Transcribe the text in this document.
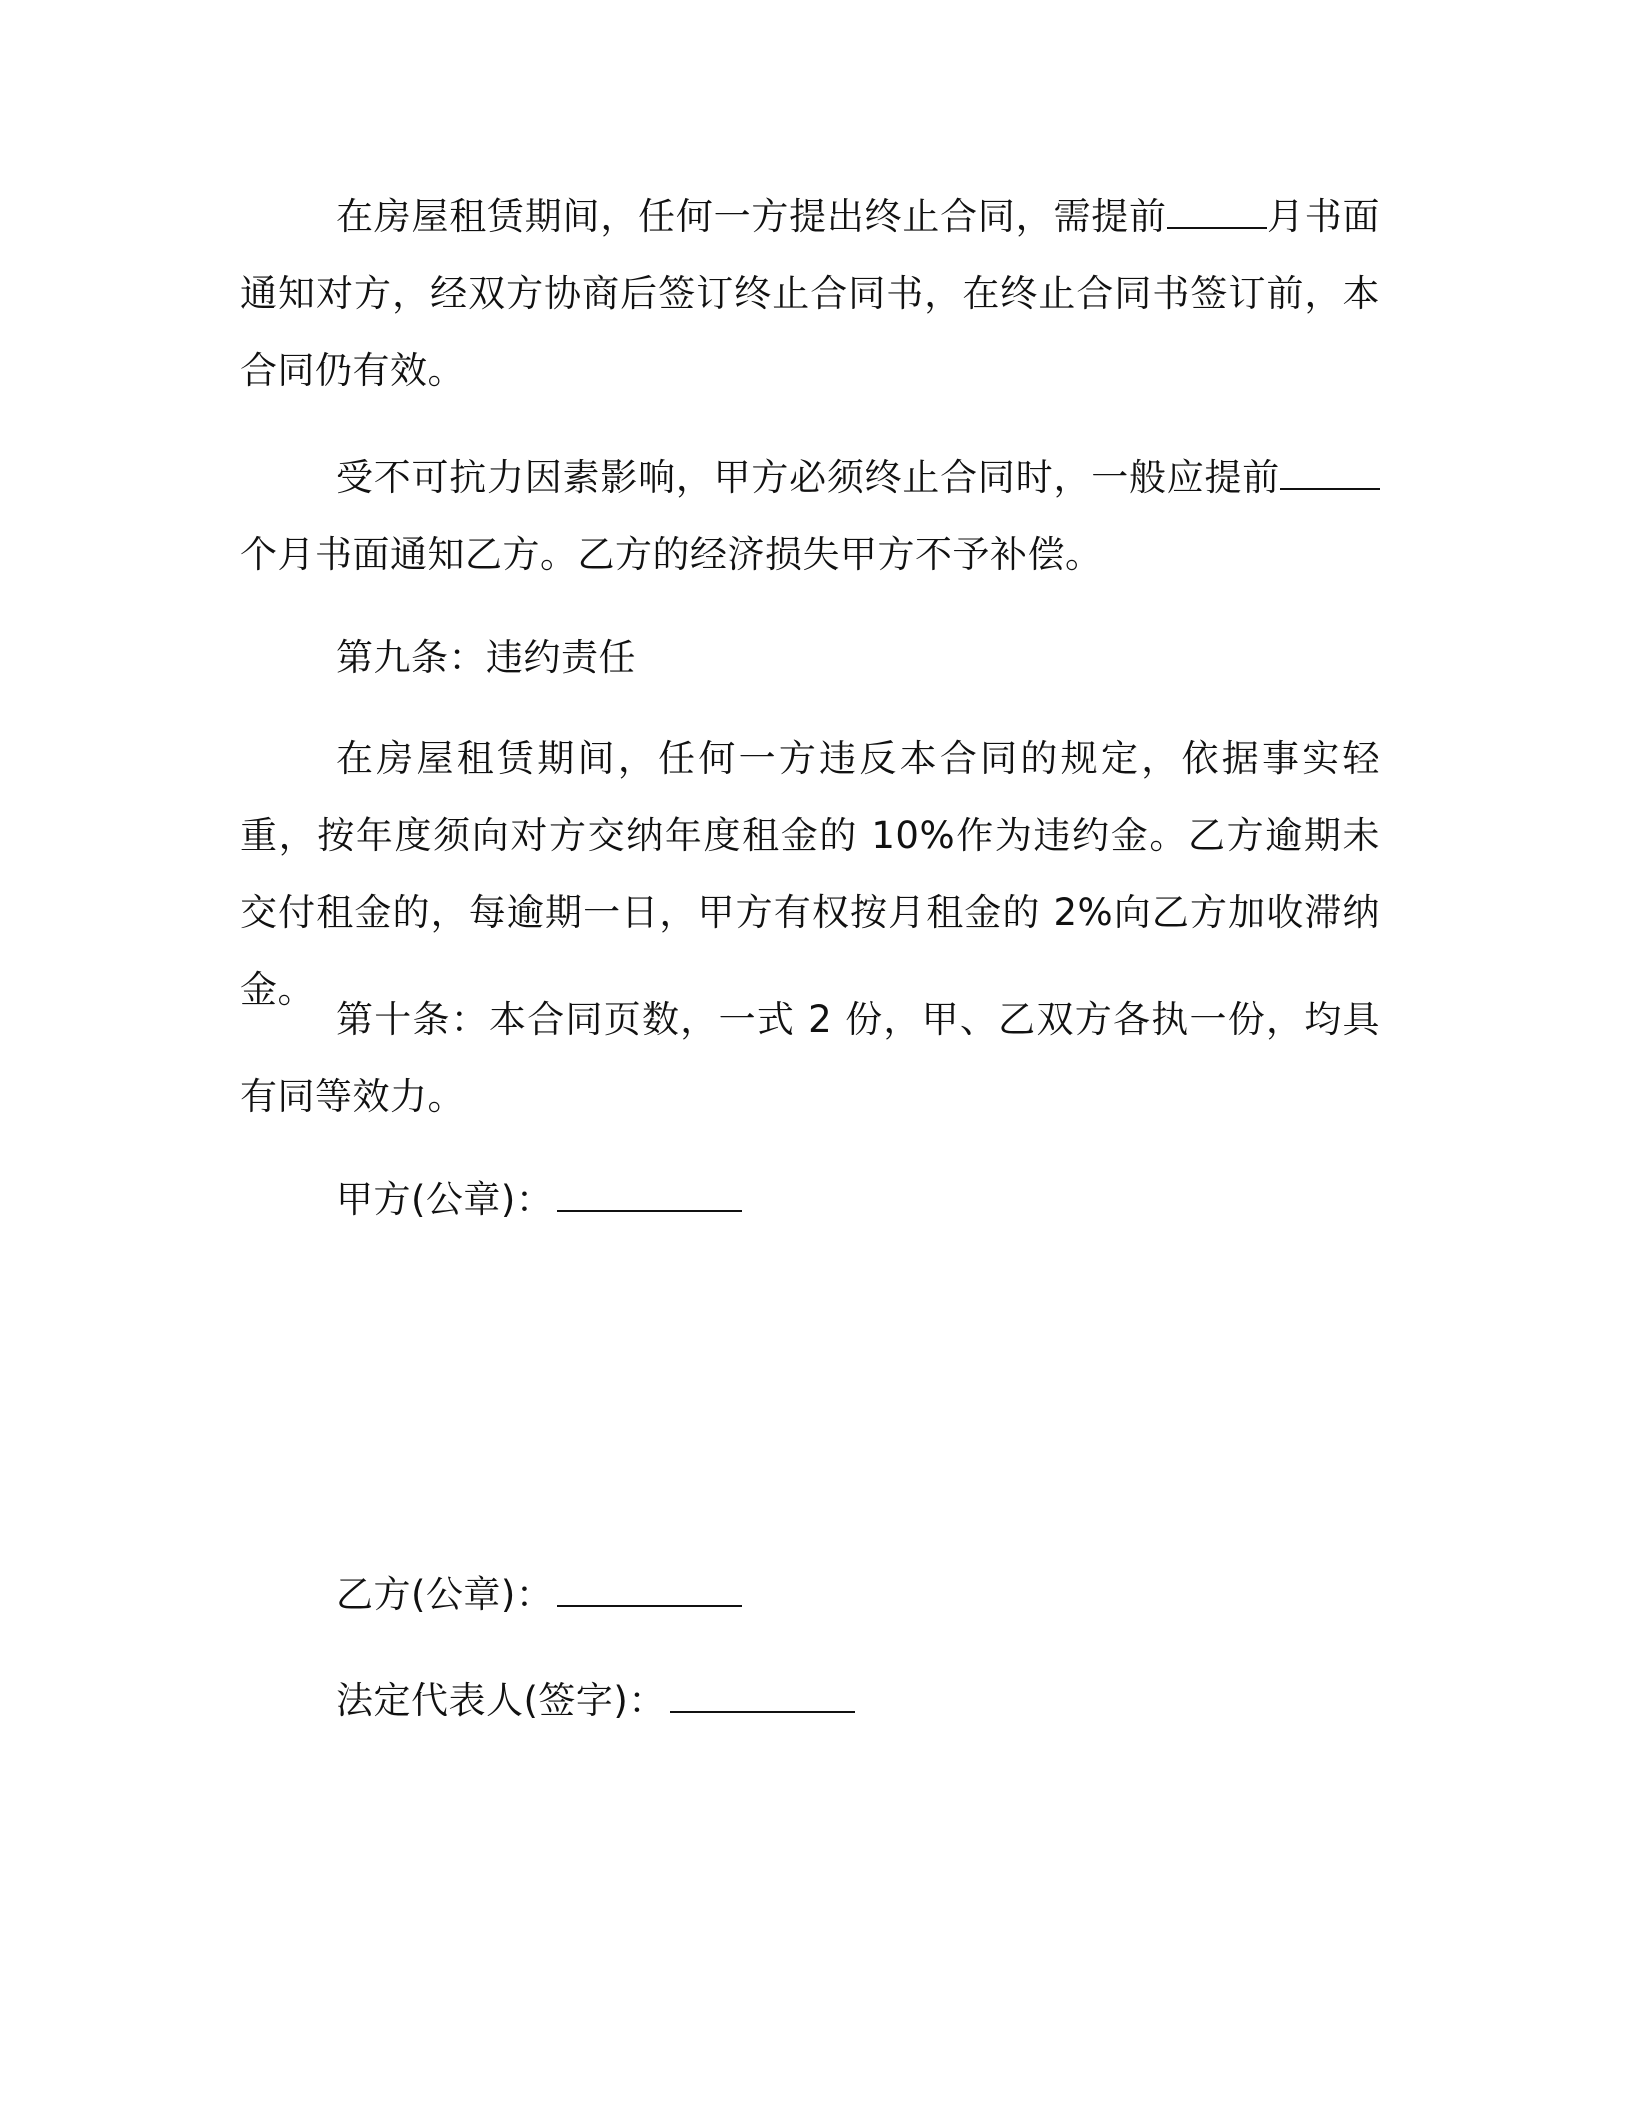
在房屋租赁期间，任何一方提出终止合同，需提前	月书面通知对方，经双方协商后签订终止合同书，在终止合同书签订前，本合同仍有效。

受不可抗力因素影响，甲方必须终止合同时，一般应提前个月书面通知乙方。乙方的经济损失甲方不予补偿。

第九条：违约责任

在房屋租赁期间，任何一方违反本合同的规定，依据事实轻重，按年度须向对方交纳年度租金的 10%作为违约金。乙方逾期未交付租金的，每逾期一日，甲方有权按月租金的 2%向乙方加收滞纳金。

第十条：本合同页数，一式 2 份，甲、乙双方各执一份，均具有同等效力。

甲方(公章)：

乙方(公章)：

法定代表人(签字)：
